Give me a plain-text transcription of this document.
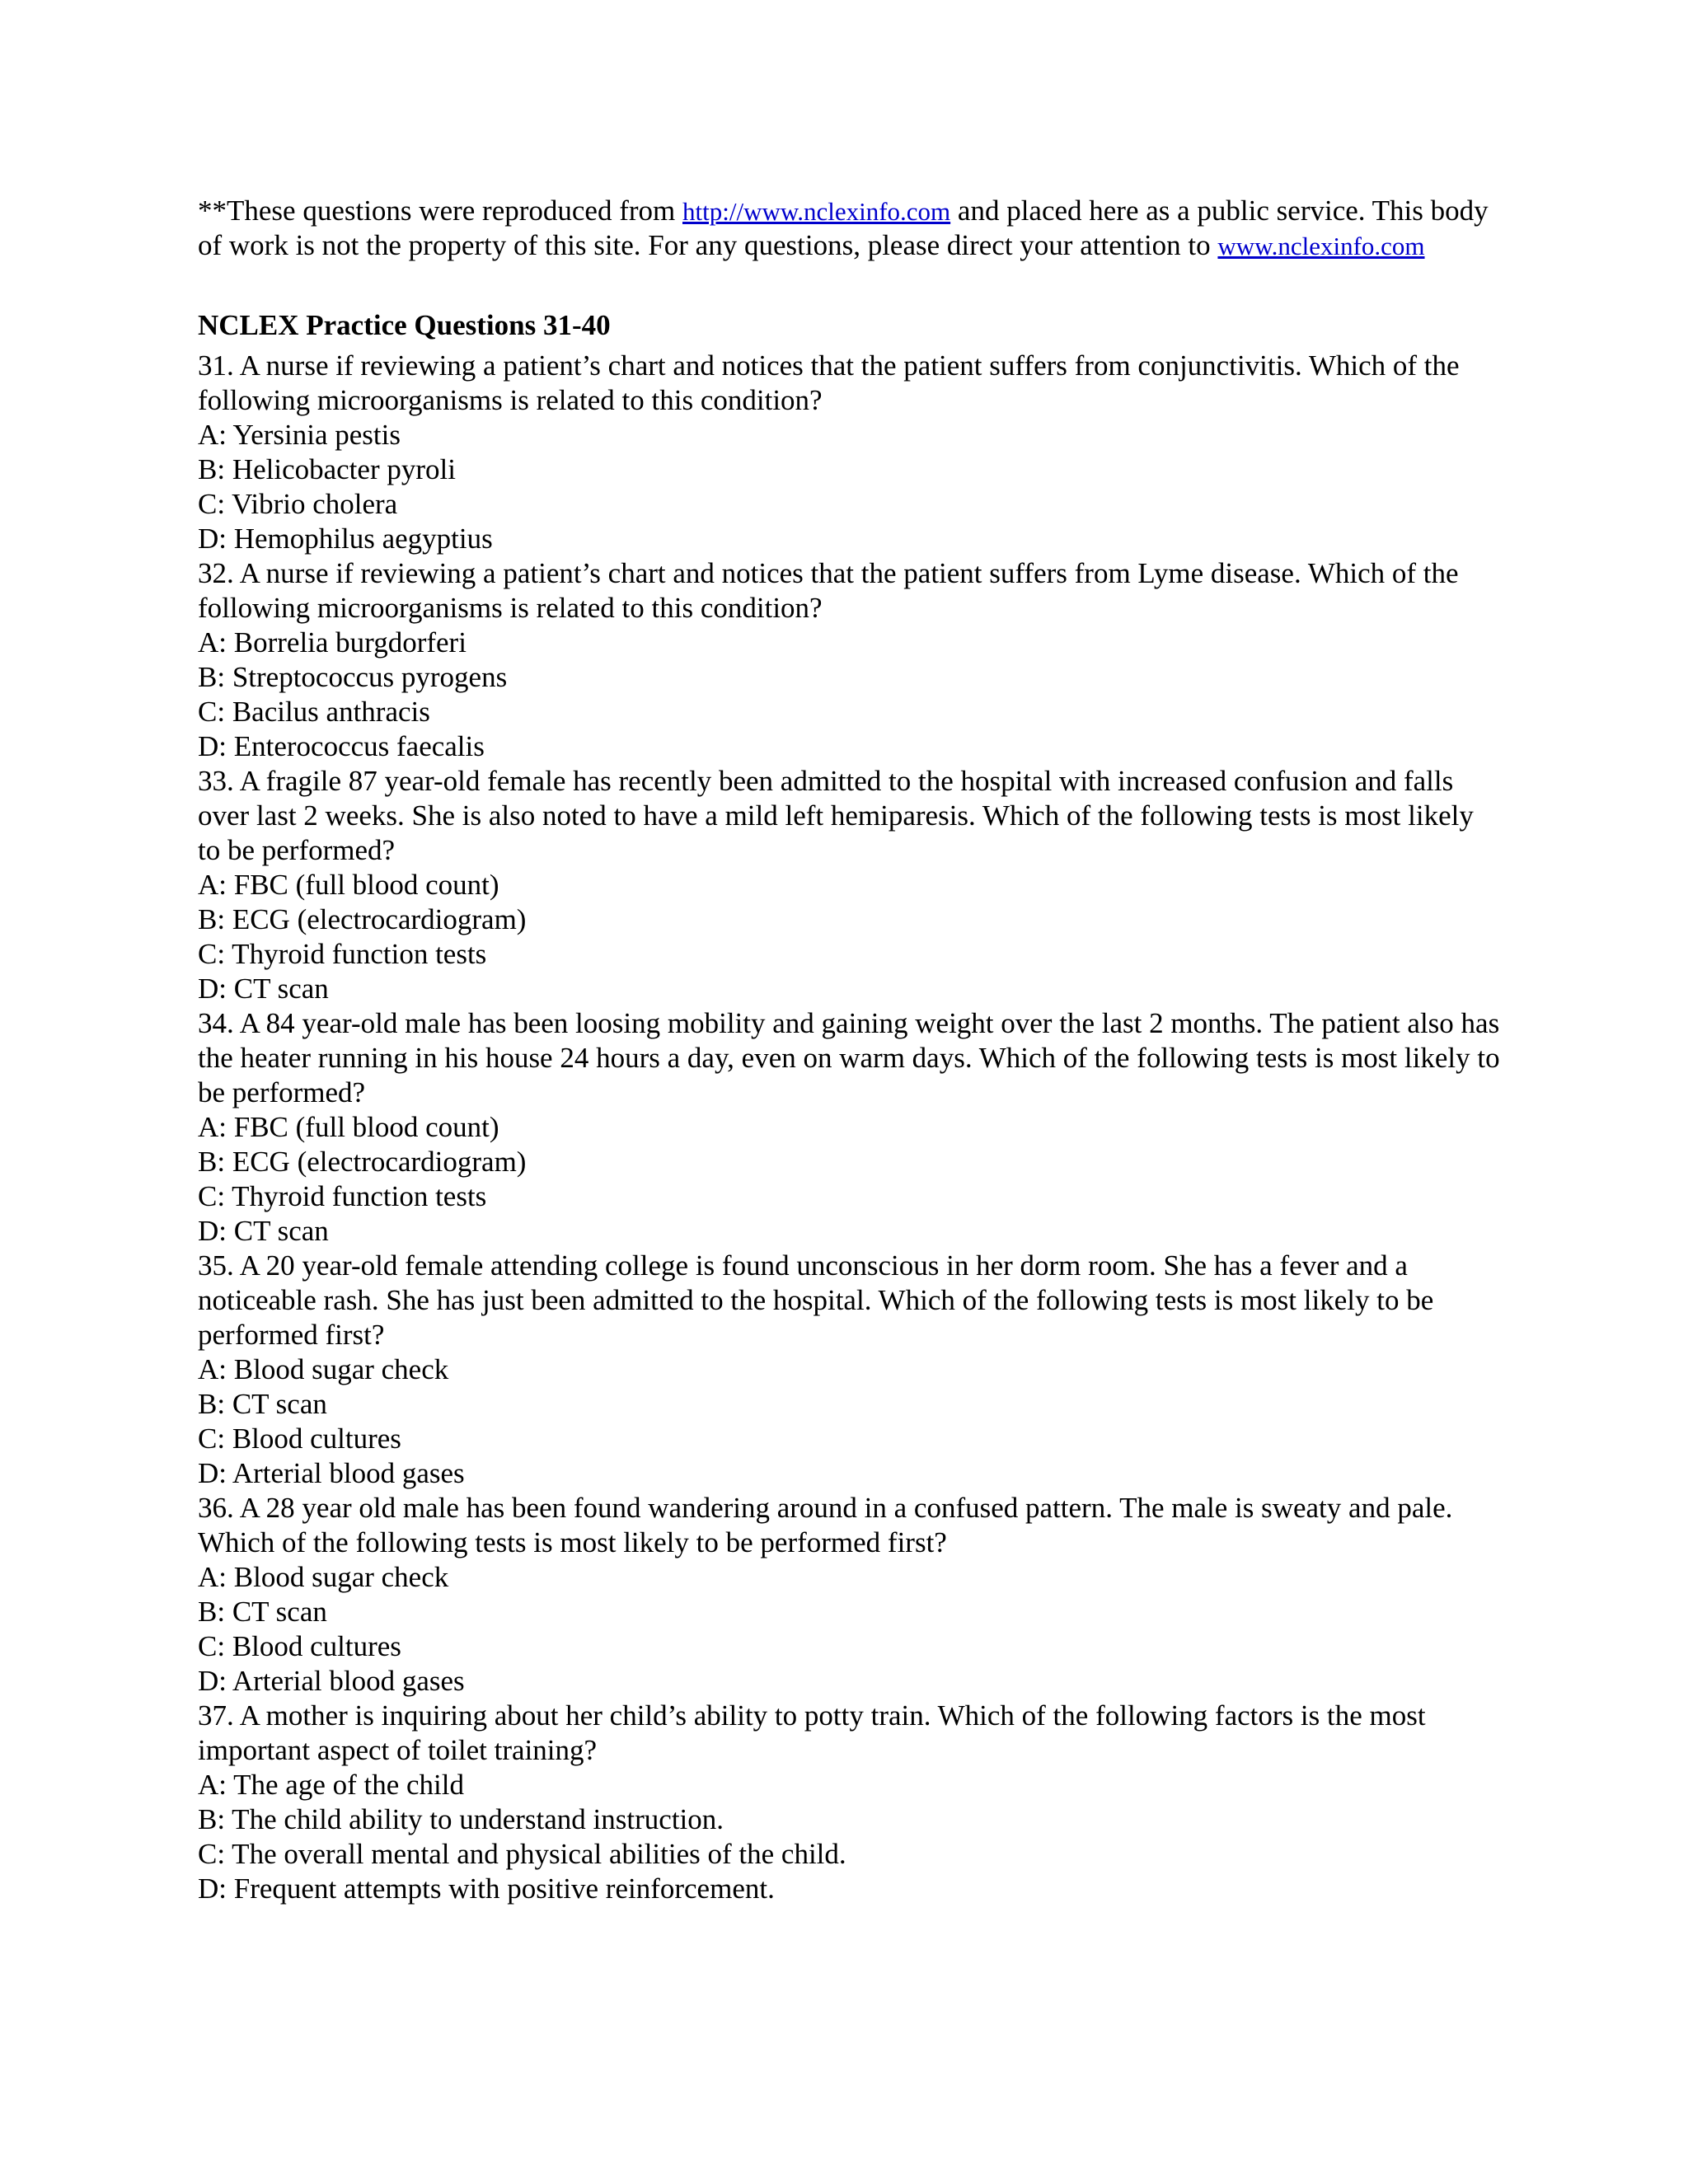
**These questions were reproduced from http://www.nclexinfo.com and placed here as a public service. This body of work is not the property of this site. For any questions, please direct your attention to www.nclexinfo.com

NCLEX Practice Questions 31-40

31. A nurse if reviewing a patient’s chart and notices that the patient suffers from conjunctivitis. Which of the following microorganisms is related to this condition?

A: Yersinia pestis

B: Helicobacter pyroli

C: Vibrio cholera

D: Hemophilus aegyptius

32. A nurse if reviewing a patient’s chart and notices that the patient suffers from Lyme disease. Which of the following microorganisms is related to this condition?

A: Borrelia burgdorferi

B: Streptococcus pyrogens

C: Bacilus anthracis

D: Enterococcus faecalis

33. A fragile 87 year-old female has recently been admitted to the hospital with increased confusion and falls over last 2 weeks. She is also noted to have a mild left hemiparesis. Which of the following tests is most likely to be performed?

A: FBC (full blood count)

B: ECG (electrocardiogram)

C: Thyroid function tests

D: CT scan

34. A 84 year-old male has been loosing mobility and gaining weight over the last 2 months. The patient also has the heater running in his house 24 hours a day, even on warm days. Which of the following tests is most likely to be performed?

A: FBC (full blood count)

B: ECG (electrocardiogram)

C: Thyroid function tests

D: CT scan

35. A 20 year-old female attending college is found unconscious in her dorm room. She has a fever and a noticeable rash. She has just been admitted to the hospital. Which of the following tests is most likely to be performed first?

A: Blood sugar check

B: CT scan

C: Blood cultures

D: Arterial blood gases

36. A 28 year old male has been found wandering around in a confused pattern. The male is sweaty and pale. Which of the following tests is most likely to be performed first?

A: Blood sugar check

B: CT scan

C: Blood cultures

D: Arterial blood gases

37. A mother is inquiring about her child’s ability to potty train. Which of the following factors is the most important aspect of toilet training?

A: The age of the child

B: The child ability to understand instruction.

C: The overall mental and physical abilities of the child.

D: Frequent attempts with positive reinforcement.
